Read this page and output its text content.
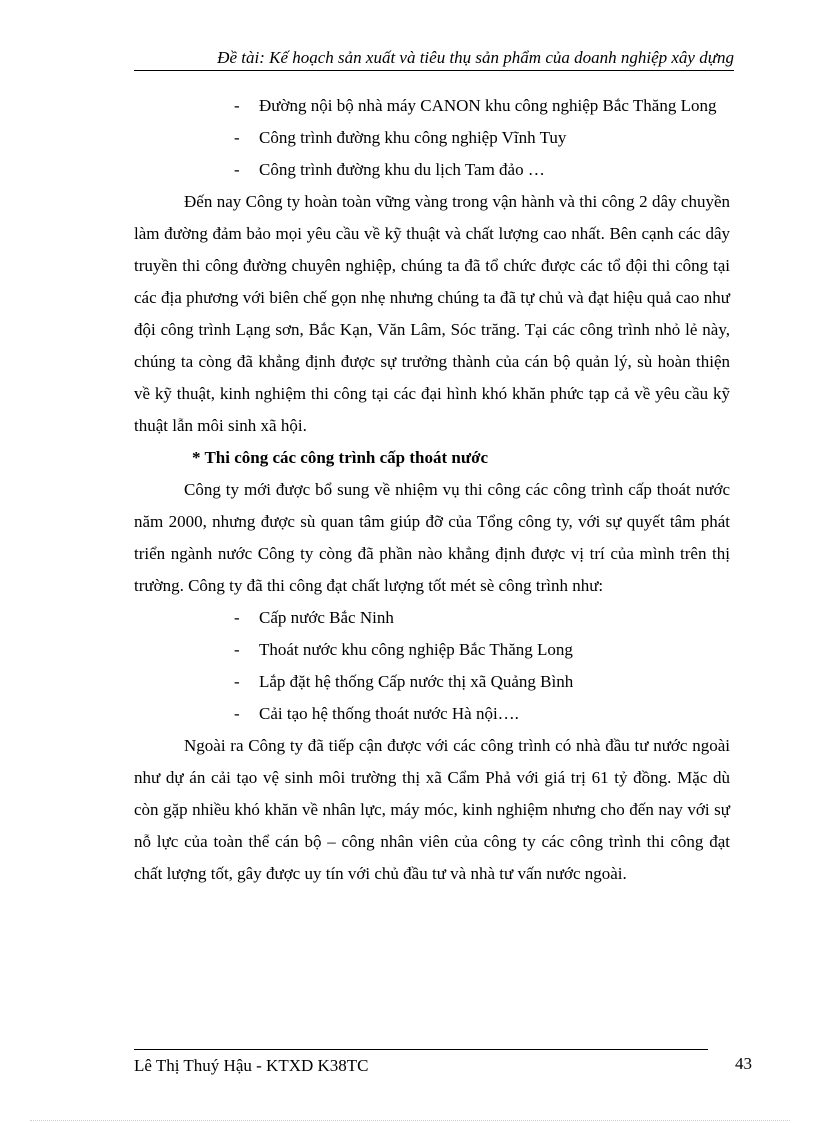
Đề tài: Kế hoạch sản xuất và tiêu thụ sản phẩm của doanh nghiệp xây dựng
- Đường nội bộ nhà máy CANON khu công nghiệp Bắc Thăng Long
- Công trình đường khu công nghiệp Vĩnh Tuy
- Công trình đường khu du lịch Tam đảo …

Đến nay Công ty hoàn toàn vững vàng trong vận hành và thi công 2 dây chuyền làm đường đảm bảo mọi yêu cầu về kỹ thuật và chất lượng cao nhất. Bên cạnh các dây truyền thi công đường chuyên nghiệp, chúng ta đã tổ chức được các tổ đội thi công tại các địa phương với biên chế gọn nhẹ nhưng chúng ta đã tự chủ và đạt hiệu quả cao như đội công trình Lạng sơn, Bắc Kạn, Văn Lâm, Sóc trăng. Tại các công trình nhỏ lẻ này, chúng ta còng đã khẳng định được sự trưởng thành của cán bộ quản lý, sù hoàn thiện về kỹ thuật, kinh nghiệm thi công tại các đại hình khó khăn phức tạp cả về yêu cầu kỹ thuật lẫn môi sinh xã hội.

* Thi công các công trình cấp thoát nước

Công ty mới được bổ sung về nhiệm vụ thi công các công trình cấp thoát nước năm 2000, nhưng được sù quan tâm giúp đỡ của Tổng công ty, với sự quyết tâm phát triển ngành nước Công ty còng đã phần nào khẳng định được vị trí của mình trên thị trường. Công ty đã thi công đạt chất lượng tốt mét sè công trình như:

- Cấp nước Bắc Ninh
- Thoát nước khu công nghiệp Bắc Thăng Long
- Lắp đặt hệ thống Cấp nước thị xã Quảng Bình
- Cải tạo hệ thống thoát nước Hà nội….

Ngoài ra Công ty đã tiếp cận được với các công trình có nhà đầu tư nước ngoài như dự án cải tạo vệ sinh môi trường thị xã Cẩm Phả với giá trị 61 tỷ đồng. Mặc dù còn gặp nhiều khó khăn về nhân lực, máy móc, kinh nghiệm nhưng cho đến nay với sự nỗ lực của toàn thể cán bộ – công nhân viên của công ty các công trình thi công đạt chất lượng tốt, gây được uy tín với chủ đầu tư và nhà tư vấn nước ngoài.

Lê Thị Thuý Hậu - KTXD K38TC	43
